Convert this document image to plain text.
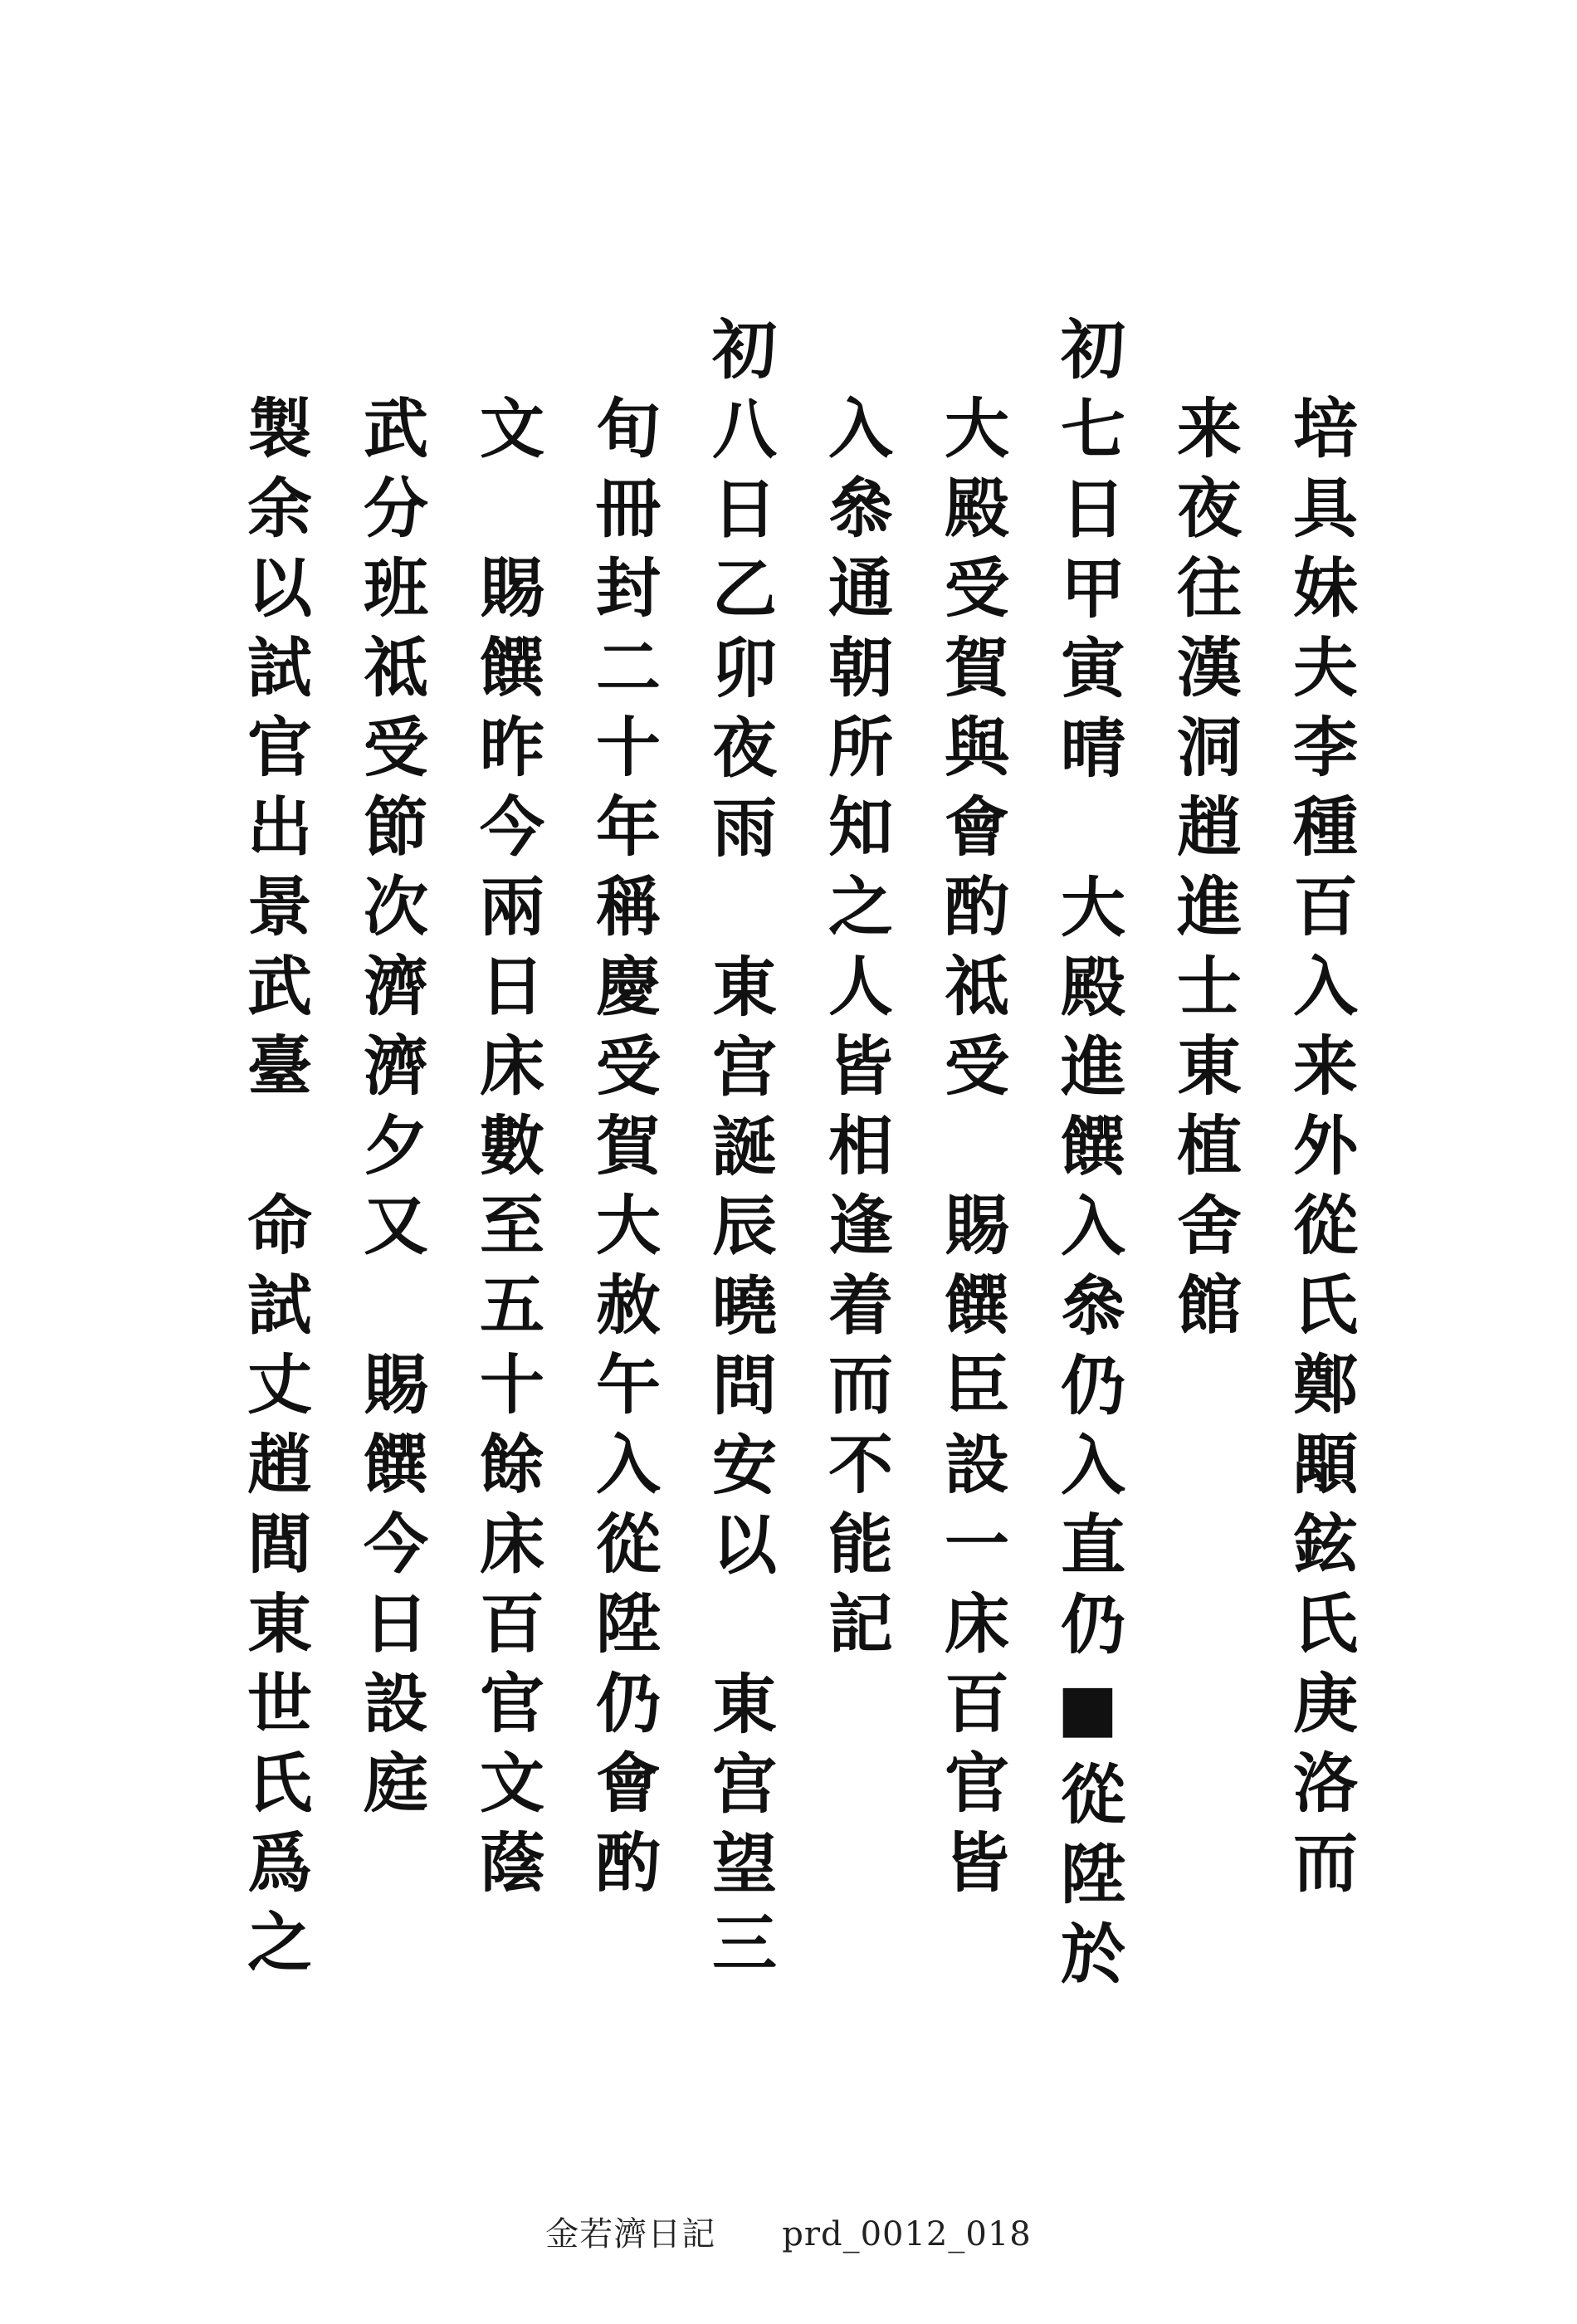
培具妹夫李種百入来外從氏鄭顒鉉氏庚洛而
来夜往漢洞趙進士東植舍館
初七日甲寅晴　大殿進饌入叅仍入直仍■從陞於
大殿受賀與會酌祗受　賜饌臣設一床百官皆
入叅通朝所知之人皆相逢着而不能記
初八日乙卯夜雨　東宫誕辰曉問安以　東宫望三
旬冊封二十年稱慶受賀大赦午入從陞仍會酌
文　賜饌昨今兩日床數至五十餘床百官文蔭
武分班祗受節次濟濟夕又　賜饌今日設庭
製余以試官出景武臺　命試丈趙閭東世氏爲之
金若濟日記 prd_0012_018
